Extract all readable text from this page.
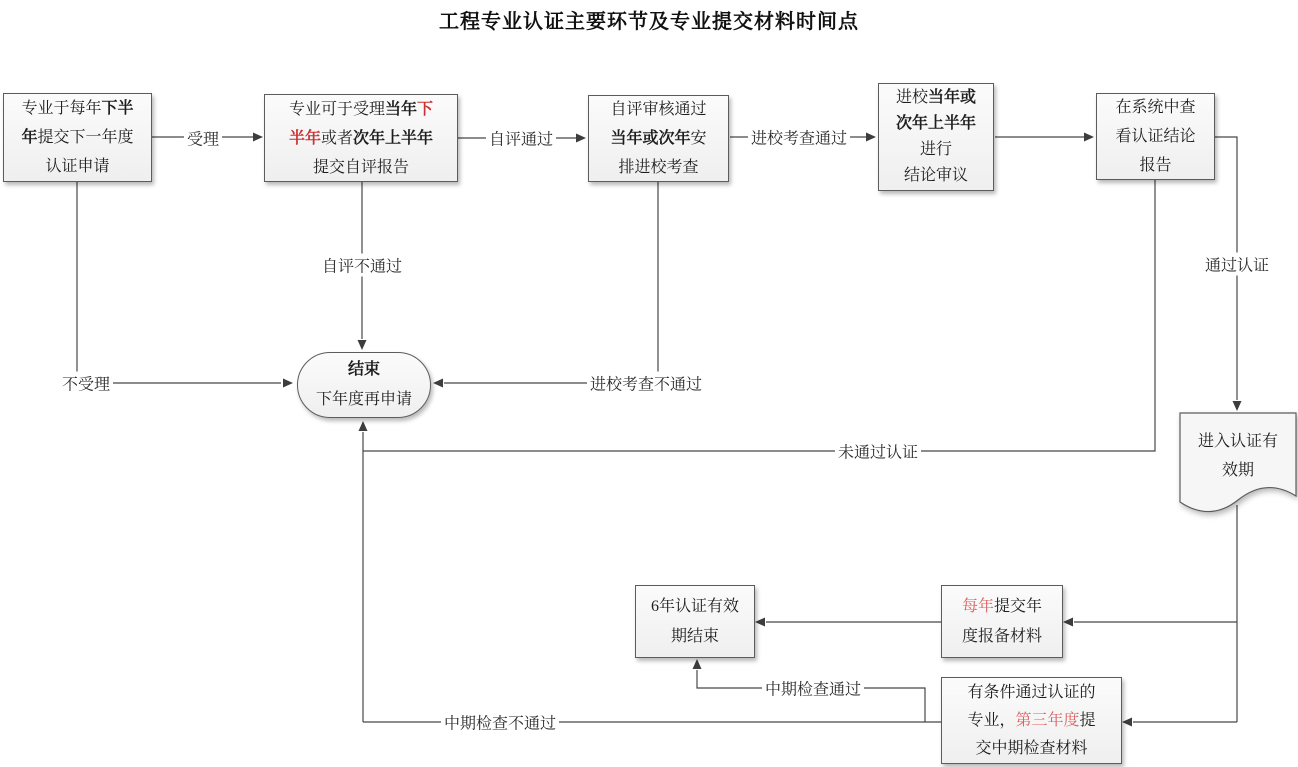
工程专业认证主要环节及专业提交材料时间点
专业于每年下半
年提交下一年度
认证申请
专业可于受理当年下
半年或者次年上半年
提交自评报告
自评审核通过
当年或次年安
排进校考查
进校当年或
次年上半年
进行
结论审议
在系统中查
看认证结论
报告
结束
下年度再申请
进入认证有
效期
6年认证有效
期结束
每年提交年
度报备材料
有条件通过认证的
专业，第三年度提
交中期检查材料
受理	自评通过	进校考查通过
不受理
自评不通过
进校考查不通过
通过认证
未通过认证
中期检查通过
中期检查不通过
